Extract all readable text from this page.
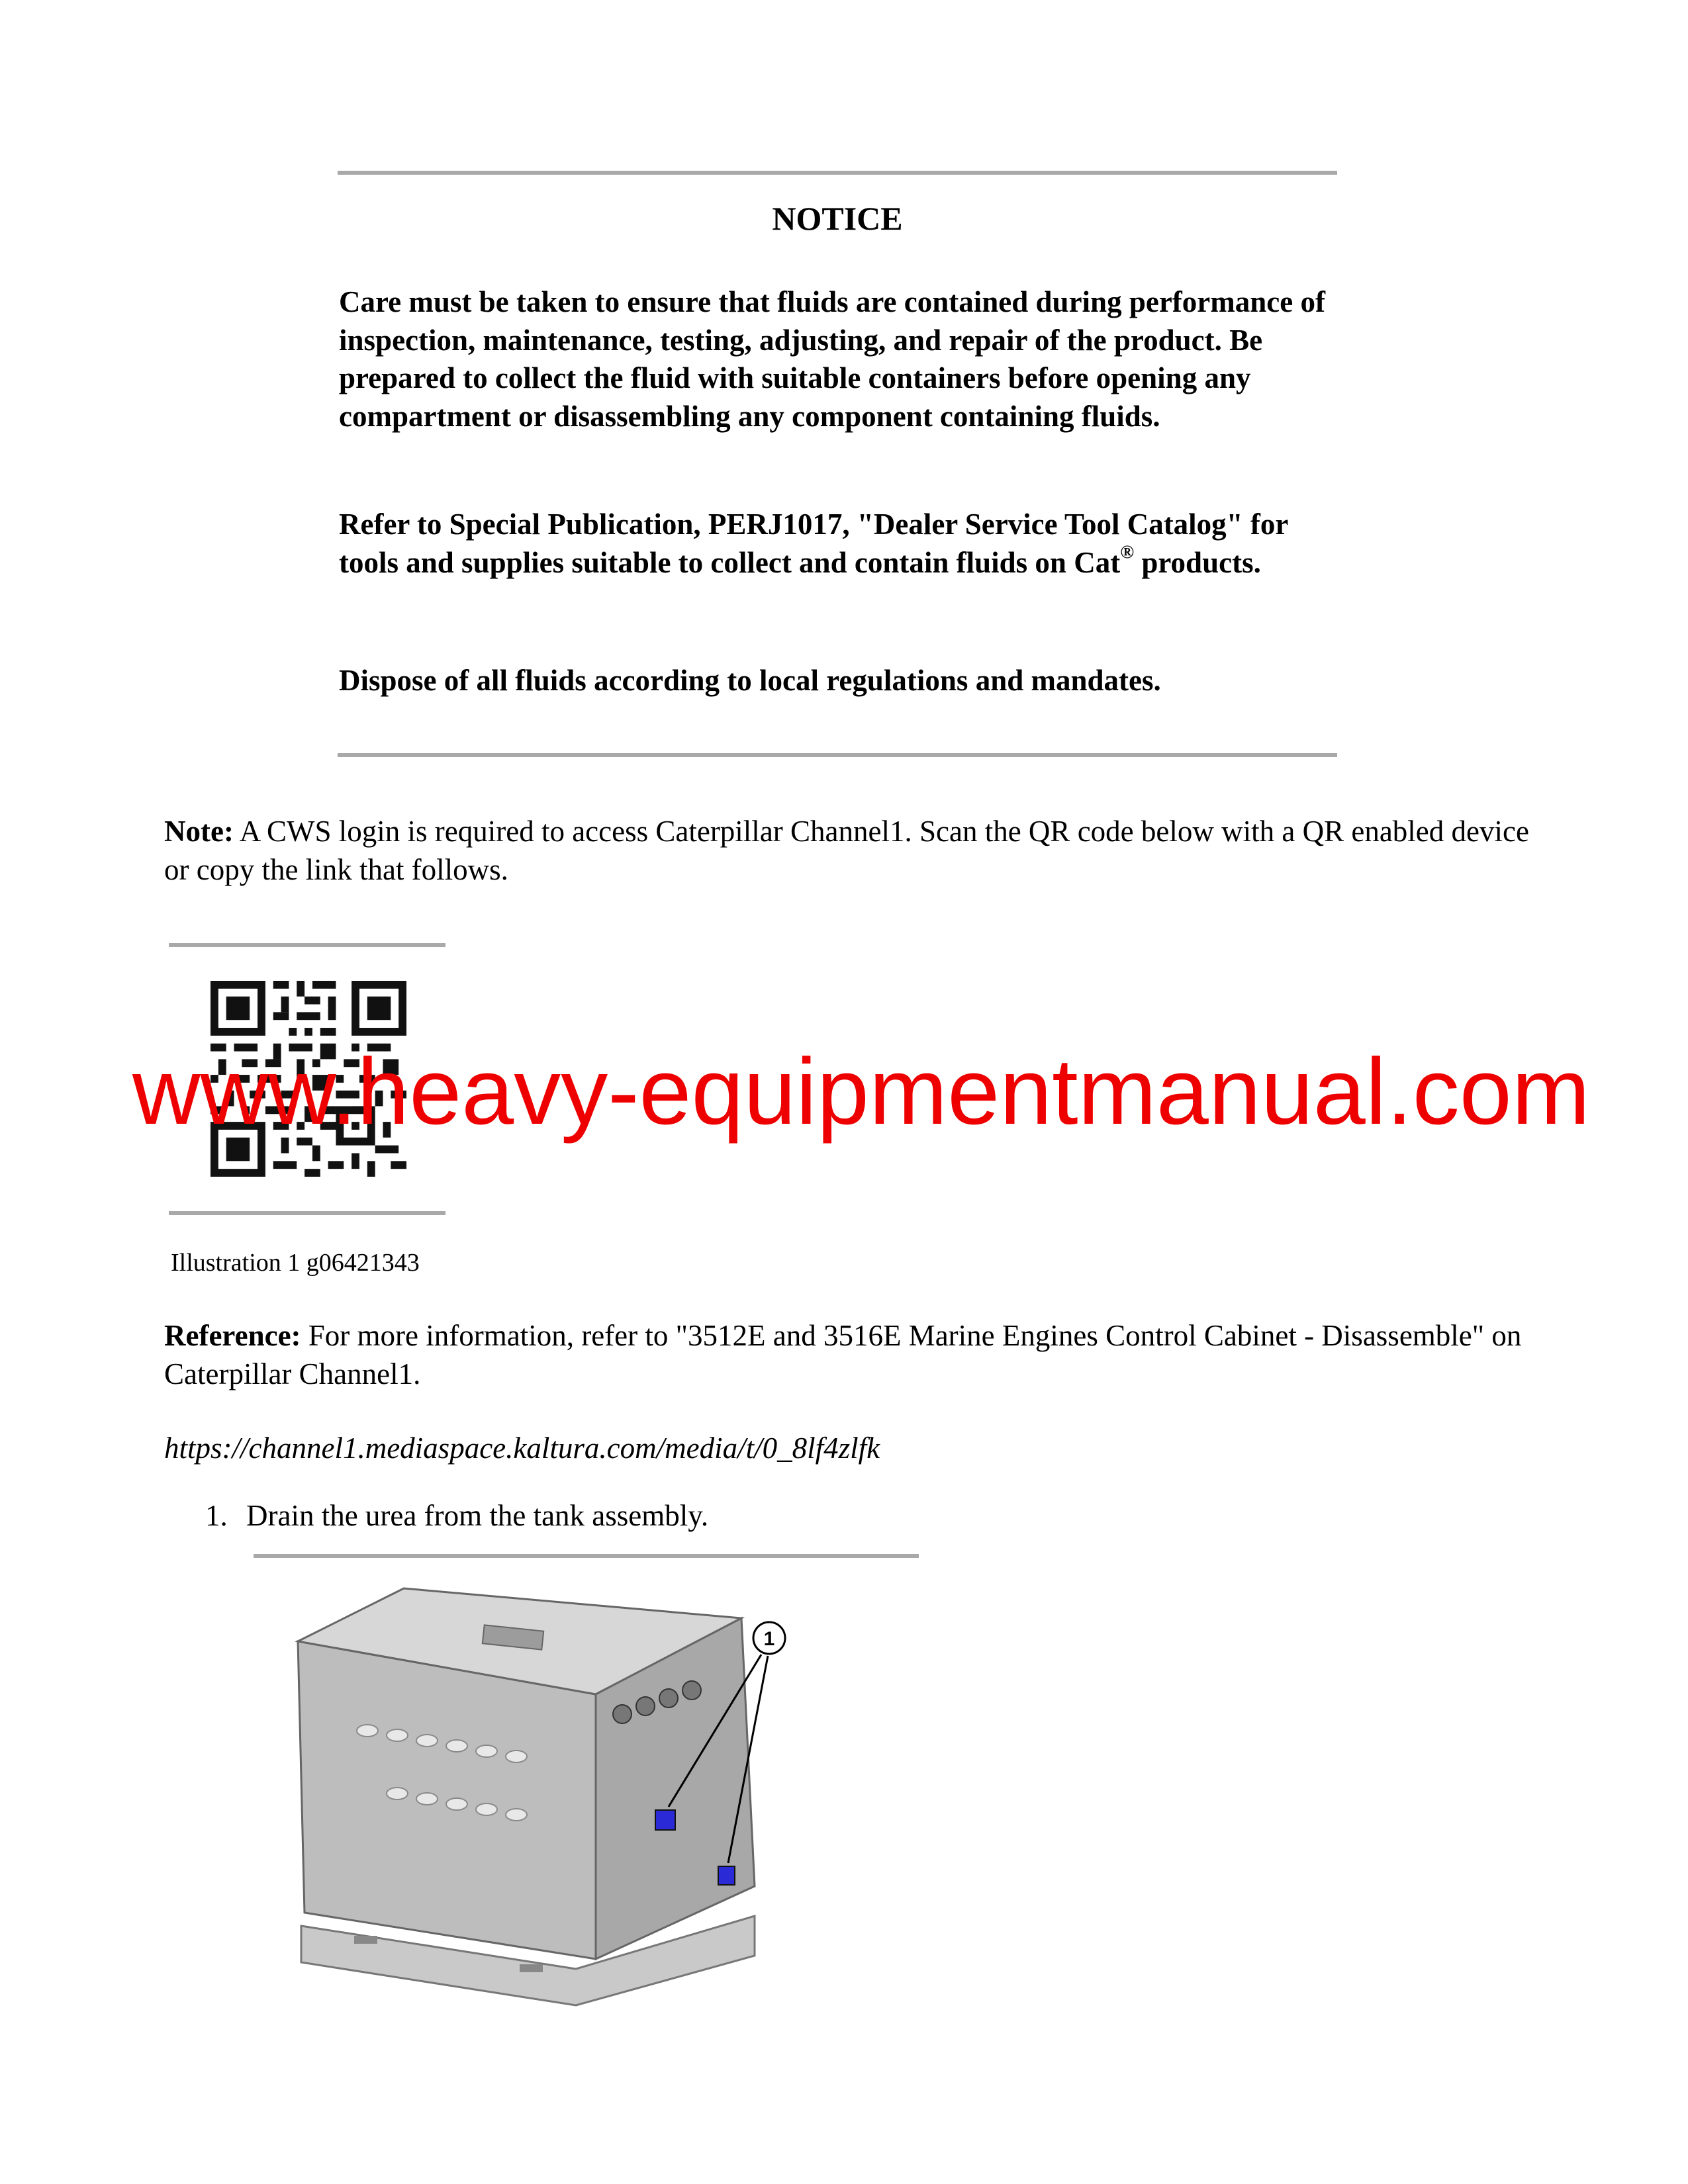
NOTICE

Care must be taken to ensure that fluids are contained during performance of inspection, maintenance, testing, adjusting, and repair of the product. Be prepared to collect the fluid with suitable containers before opening any compartment or disassembling any component containing fluids.

Refer to Special Publication, PERJ1017, "Dealer Service Tool Catalog" for tools and supplies suitable to collect and contain fluids on Cat® products.

Dispose of all fluids according to local regulations and mandates.

Note: A CWS login is required to access Caterpillar Channel1. Scan the QR code below with a QR enabled device or copy the link that follows.

Illustration 1 g06421343

Reference: For more information, refer to "3512E and 3516E Marine Engines Control Cabinet - Disassemble" on Caterpillar Channel1.

https://channel1.mediaspace.kaltura.com/media/t/0_8lf4zlfk
1. Drain the urea from the tank assembly.
1
www.heavy-equipmentmanual.com
